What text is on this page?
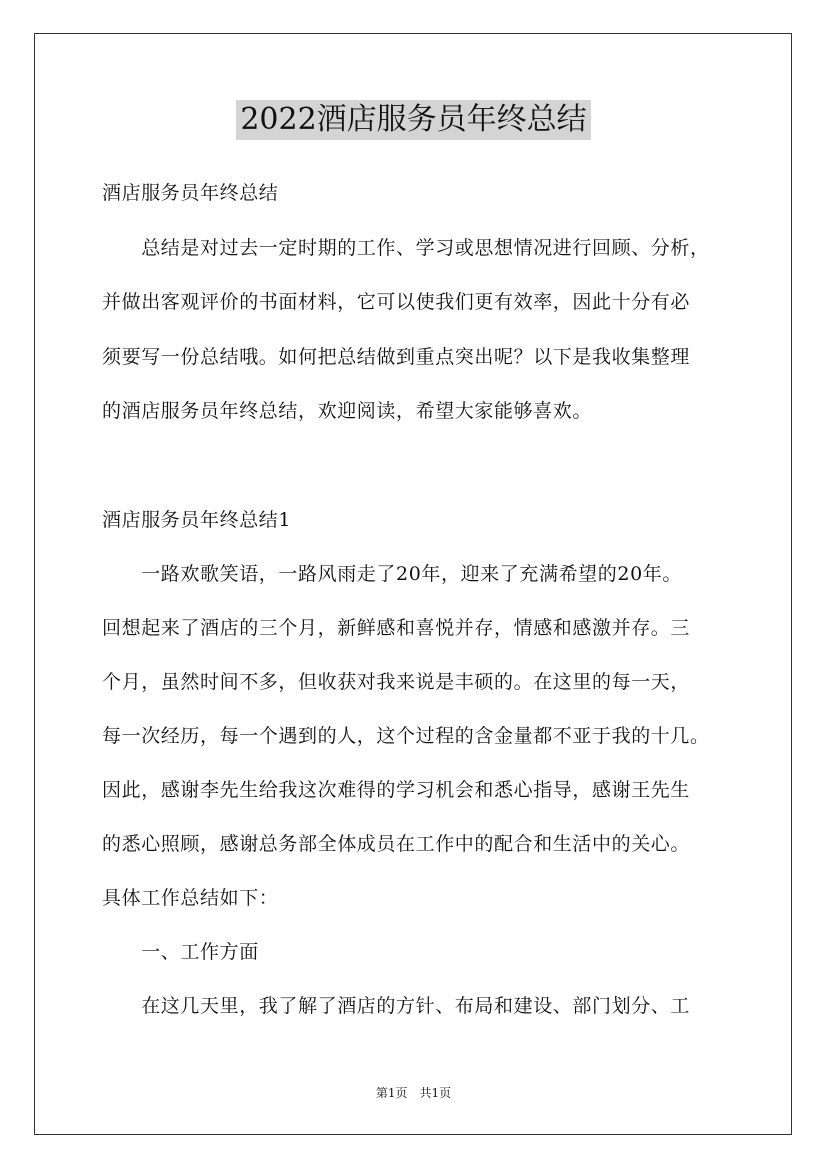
2022酒店服务员年终总结
酒店服务员年终总结
　　总结是对过去一定时期的工作、学习或思想情况进行回顾、分析，
并做出客观评价的书面材料，它可以使我们更有效率，因此十分有必
须要写一份总结哦。如何把总结做到重点突出呢？以下是我收集整理
的酒店服务员年终总结，欢迎阅读，希望大家能够喜欢。
酒店服务员年终总结1
　　一路欢歌笑语，一路风雨走了20年，迎来了充满希望的20年。
回想起来了酒店的三个月，新鲜感和喜悦并存，情感和感激并存。三
个月，虽然时间不多，但收获对我来说是丰硕的。在这里的每一天，
每一次经历，每一个遇到的人，这个过程的含金量都不亚于我的十几。
因此，感谢李先生给我这次难得的学习机会和悉心指导，感谢王先生
的悉心照顾，感谢总务部全体成员在工作中的配合和生活中的关心。
具体工作总结如下：
　　一、工作方面
　　在这几天里，我了解了酒店的方针、布局和建设、部门划分、工
第1页　共1页
